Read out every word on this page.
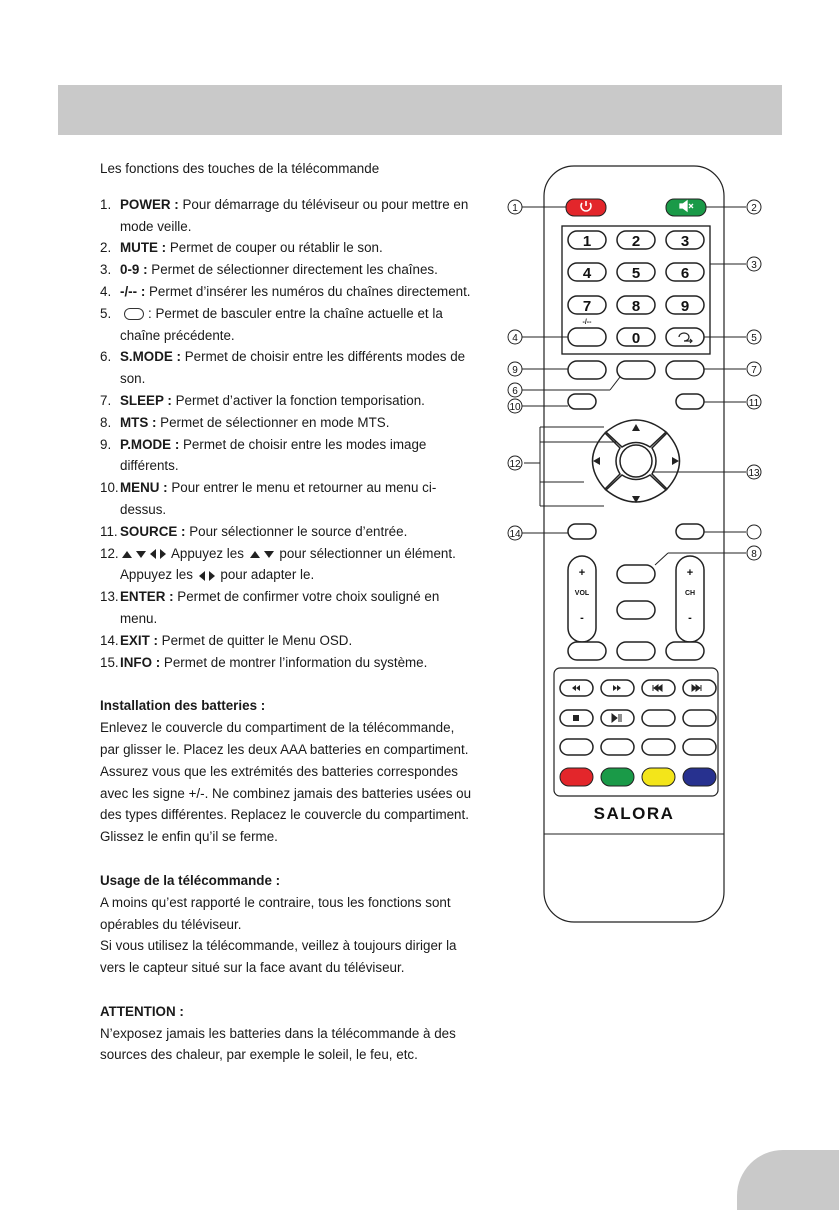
Les fonctions des touches de la télécommande

1. POWER : Pour démarrage du téléviseur ou pour mettre en mode veille.
2. MUTE : Permet de couper ou rétablir le son.
3. 0-9 : Permet de sélectionner directement les chaînes.
4. -/-- : Permet d’insérer les numéros du chaînes directement.
5.	: Permet de basculer entre la chaîne actuelle et la chaîne précédente.
6. S.MODE : Permet de choisir entre les différents modes de son.
7. SLEEP : Permet d’activer la fonction temporisation.
8. MTS : Permet de sélectionner en mode MTS.
9. P.MODE : Permet de choisir entre les modes image différents.
10. MENU : Pour entrer le menu et retourner au menu ci-dessus.
11. SOURCE : Pour sélectionner le source d’entrée.
12.	Appuyez les  pour sélectionner un élément. Appuyez les  pour adapter le.
13. ENTER : Permet de confirmer votre choix souligné en menu.
14. EXIT : Permet de quitter le Menu OSD.
15. INFO : Permet de montrer l’information du système.

Installation des batteries :

Enlevez le couvercle du compartiment de la télécommande, par glisser le. Placez les deux AAA batteries en compartiment. Assurez vous que les extrémités des batteries correspondes avec les signe +/-. Ne combinez jamais des batteries usées ou des types différentes. Replacez le couvercle du compartiment. Glissez le enfin qu’il se ferme.

Usage de la télécommande :

A moins qu’est rapporté le contraire, tous les fonctions sont opérables du téléviseur.

Si vous utilisez la télécommande, veillez à toujours diriger la vers le capteur situé sur la face avant du téléviseur.

ATTENTION :

N’exposez jamais les batteries dans la télécommande à des sources des chaleur, par exemple le soleil, le feu, etc.

1	2	3
4	5	6
7	8	9
-/--
0
+
VOL
-
+
CH
-
SALORA
1	2
3
4	5
6
7
8
9
10	11
12
13
14
